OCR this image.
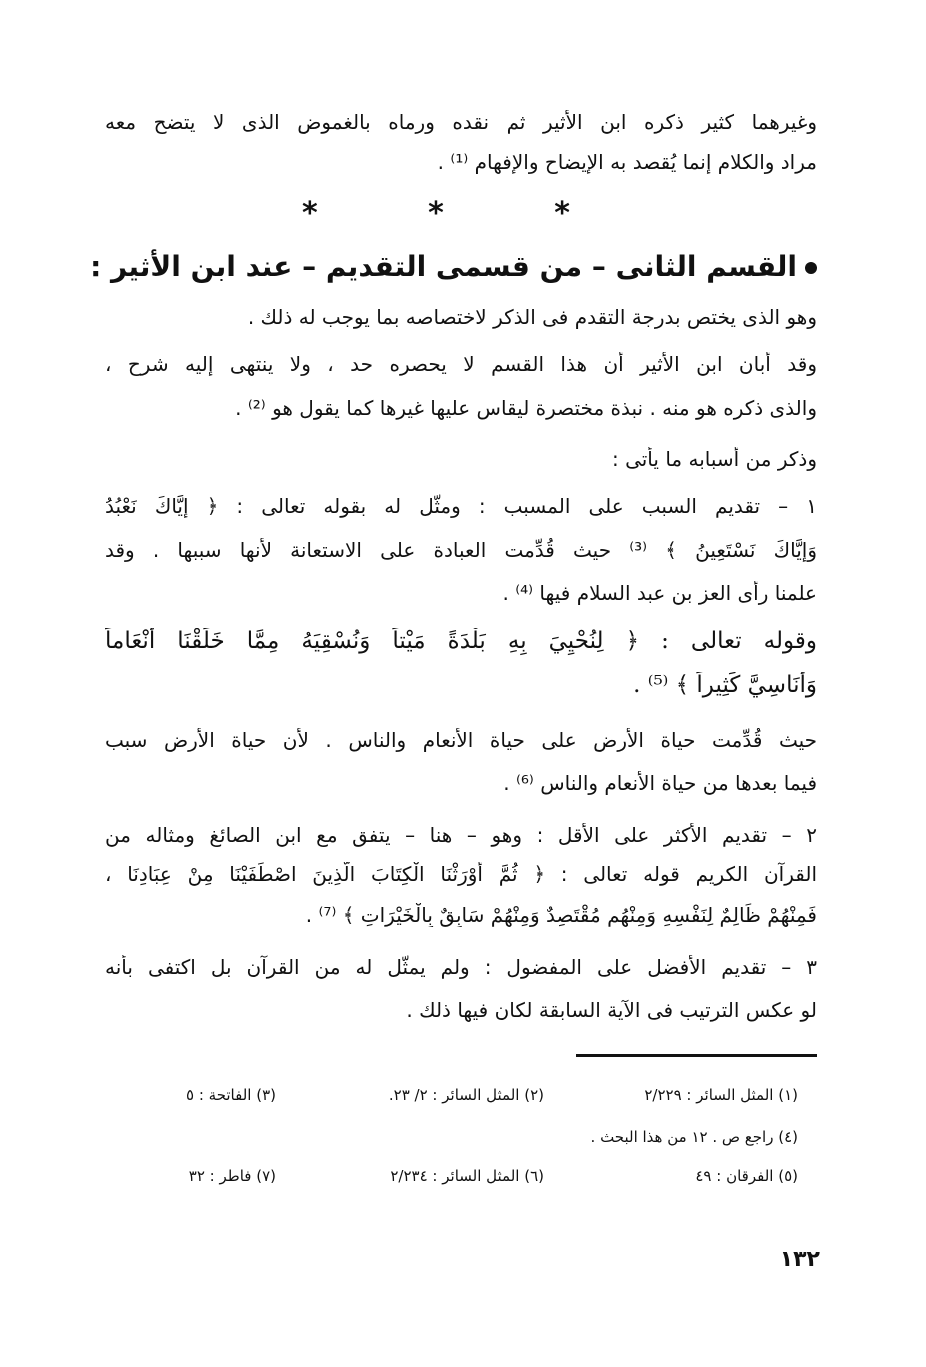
وغيرهما كثير ذكره ابن الأثير ثم نقده ورماه بالغموض الذى لا يتضح معه
مراد والكلام إنما يُقصد به الإيضاح والإفهام ⁽¹⁾ .
* * *
القسم الثانى – من قسمى التقديم – عند ابن الأثير :
وهو الذى يختص بدرجة التقدم فى الذكر لاختصاصه بما يوجب له ذلك .
وقد أبان ابن الأثير أن هذا القسم لا يحصره حد ، ولا ينتهى إليه شرح ،
والذى ذكره هو منه . نبذة مختصرة ليقاس عليها غيرها كما يقول هو ⁽²⁾ .
وذكر من أسبابه ما يأتى :
١ – تقديم السبب على المسبب : ومثّل له بقوله تعالى : ﴿ إِيَّاكَ نَعْبُدُ
وَإِيَّاكَ نَسْتَعِينُ ﴾ ⁽³⁾ حيث قُدِّمت العبادة على الاستعانة لأنها سببها . وقد
علمنا رأى العز بن عبد السلام فيها ⁽⁴⁾ .
وقوله تعالى : ﴿ لِنُحْيِيَ بِهِ بَلْدَةً مَيْتاً وَنُسْقِيَهُ مِمَّا خَلَقْنَا أَنْعَاماً
وَأَنَاسِيَّ كَثِيراً ﴾ ⁽⁵⁾ .
حيث قُدِّمت حياة الأرض على حياة الأنعام والناس . لأن حياة الأرض سبب
فيما بعدها من حياة الأنعام والناس ⁽⁶⁾ .
٢ – تقديم الأكثر على الأقل : وهو – هنا – يتفق مع ابن الصائغ ومثاله من
القرآن الكريم قوله تعالى : ﴿ ثُمَّ أَوْرَثْنَا الْكِتَابَ الَّذِينَ اصْطَفَيْنَا مِنْ عِبَادِنَا ،
فَمِنْهُمْ ظَالِمٌ لِنَفْسِهِ وَمِنْهُم مُقْتَصِدٌ وَمِنْهُمْ سَابِقٌ بِالْخَيْرَاتِ ﴾ ⁽⁷⁾ .
٣ – تقديم الأفضل على المفضول : ولم يمثّل له من القرآن بل اكتفى بأنه
لو عكس الترتيب فى الآية السابقة لكان فيها ذلك .
(١) المثل السائر : ٢/٢٢٩
(٢) المثل السائر : ٢/ ٢٣.
(٣) الفاتحة : ٥
(٤) راجع ص . ١٢ من هذا البحث .
(٥) الفرقان : ٤٩
(٦) المثل السائر : ٢/٢٣٤
(٧) فاطر : ٣٢
١٣٢
